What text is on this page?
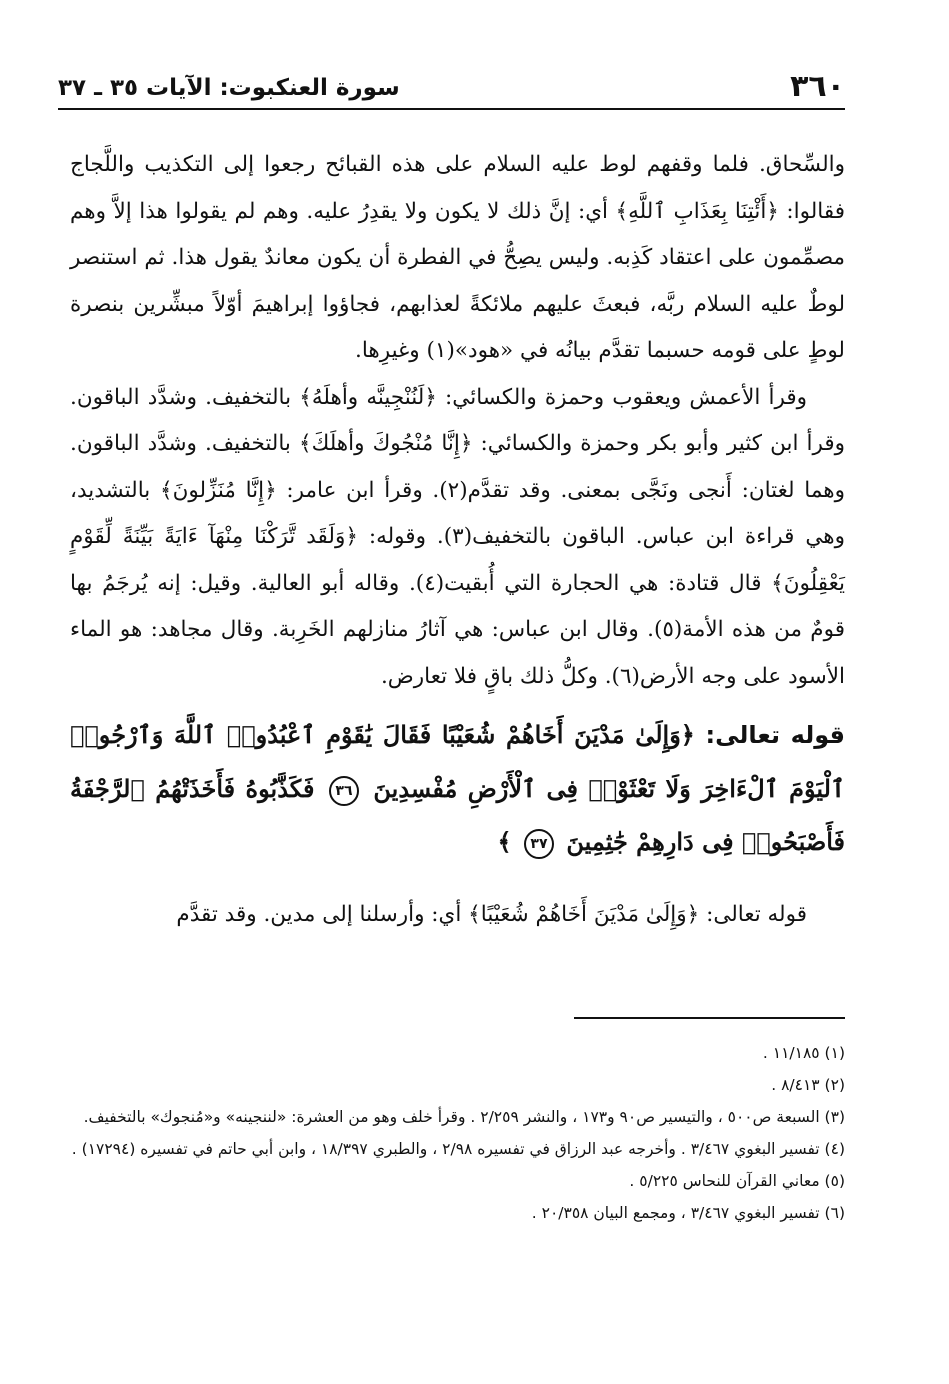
٣٦٠
سورة العنكبوت: الآيات ٣٥ ـ ٣٧

والسِّحاق. فلما وقفهم لوط عليه السلام على هذه القبائح رجعوا إلى التكذيب واللَّجاج فقالوا: ﴿أَئْتِنَا بِعَذَابِ ٱللَّهِ﴾ أي: إنَّ ذلك لا يكون ولا يقدِرُ عليه. وهم لم يقولوا هذا إلاَّ وهم مصمِّمون على اعتقاد كَذِبه. وليس يصِحُّ في الفطرة أن يكون معاندٌ يقول هذا. ثم استنصر لوطٌ عليه السلام ربَّه، فبعثَ عليهم ملائكةً لعذابهم، فجاؤوا إبراهيمَ أوّلاً مبشِّرين بنصرة لوطٍ على قومه حسبما تقدَّم بيانُه في «هود»(١) وغيرِها.

وقرأ الأعمش ويعقوب وحمزة والكسائي: ﴿لَنُنْجِينَّه وأهلَهُ﴾ بالتخفيف. وشدَّد الباقون. وقرأ ابن كثير وأبو بكر وحمزة والكسائي: ﴿إِنَّا مُنْجُوكَ وأهلَكَ﴾ بالتخفيف. وشدَّد الباقون. وهما لغتان: أَنجى ونَجَّى بمعنى. وقد تقدَّم(٢). وقرأ ابن عامر: ﴿إِنَّا مُنَزِّلونَ﴾ بالتشديد، وهي قراءة ابن عباس. الباقون بالتخفيف(٣). وقوله: ﴿وَلَقَد تَّرَكْنَا مِنْهَآ ءَايَةً بَيِّنَةً لِّقَوْمٍ يَعْقِلُونَ﴾ قال قتادة: هي الحجارة التي أُبقيت(٤). وقاله أبو العالية. وقيل: إنه يُرجَمُ بها قومٌ من هذه الأمة(٥). وقال ابن عباس: هي آثارُ منازلهم الخَرِبة. وقال مجاهد: هو الماء الأسود على وجه الأرض(٦). وكلُّ ذلك باقٍ فلا تعارض.

قوله تعالى: ﴿وَإِلَىٰ مَدْيَنَ أَخَاهُمْ شُعَيْبًا فَقَالَ يَٰقَوْمِ ٱعْبُدُوا۟ ٱللَّهَ وَٱرْجُوا۟ ٱلْيَوْمَ ٱلْءَاخِرَ وَلَا تَعْثَوْا۟ فِى ٱلْأَرْضِ مُفْسِدِينَ ٣٦ فَكَذَّبُوهُ فَأَخَذَتْهُمُ ٱلرَّجْفَةُ فَأَصْبَحُوا۟ فِى دَارِهِمْ جَٰثِمِينَ ٣٧ ﴾

قوله تعالى: ﴿وَإِلَىٰ مَدْيَنَ أَخَاهُمْ شُعَيْبًا﴾ أي: وأرسلنا إلى مدين. وقد تقدَّم

(١) ١١/١٨٥ .

(٢) ٨/٤١٣ .

(٣) السبعة ص٥٠٠ ، والتيسير ص٩٠ و١٧٣ ، والنشر ٢/٢٥٩ . وقرأ خلف وهو من العشرة: «لننجينه» و«مُنجوك» بالتخفيف.

(٤) تفسير البغوي ٣/٤٦٧ . وأخرجه عبد الرزاق في تفسيره ٢/٩٨ ، والطبري ١٨/٣٩٧ ، وابن أبي حاتم في تفسيره (١٧٢٩٤) .

(٥) معاني القرآن للنحاس ٥/٢٢٥ .

(٦) تفسير البغوي ٣/٤٦٧ ، ومجمع البيان ٢٠/٣٥٨ .
